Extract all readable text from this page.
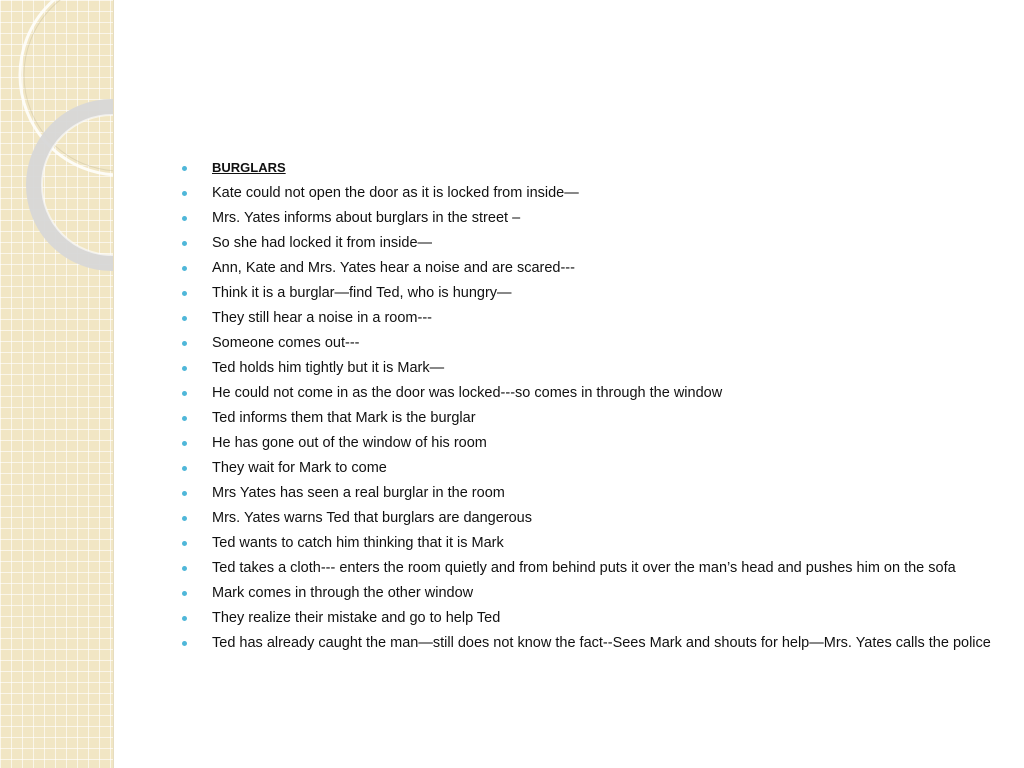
BURGLARS
Kate could not open the door as it is locked from inside—
Mrs. Yates informs about burglars in the street –
So she had locked it from inside—
Ann, Kate and Mrs. Yates hear a noise and are scared---
Think it is a burglar—find Ted, who is hungry—
They still hear a noise in a room---
Someone comes out---
Ted holds him tightly but it is Mark—
He could not come in as the door was locked---so comes in through the window
Ted informs them that Mark is the burglar
He has gone out of the window of his room
They wait for Mark to come
Mrs Yates has seen a real burglar in the room
Mrs. Yates warns Ted that burglars are dangerous
Ted wants to catch him thinking that it is Mark
Ted takes a cloth--- enters the room quietly and from behind puts it over the man’s head and pushes him on the sofa
Mark comes in through the other window
They realize their mistake and go to help Ted
Ted has already caught the man—still does not know the fact--Sees Mark and shouts for help—Mrs. Yates calls the police
